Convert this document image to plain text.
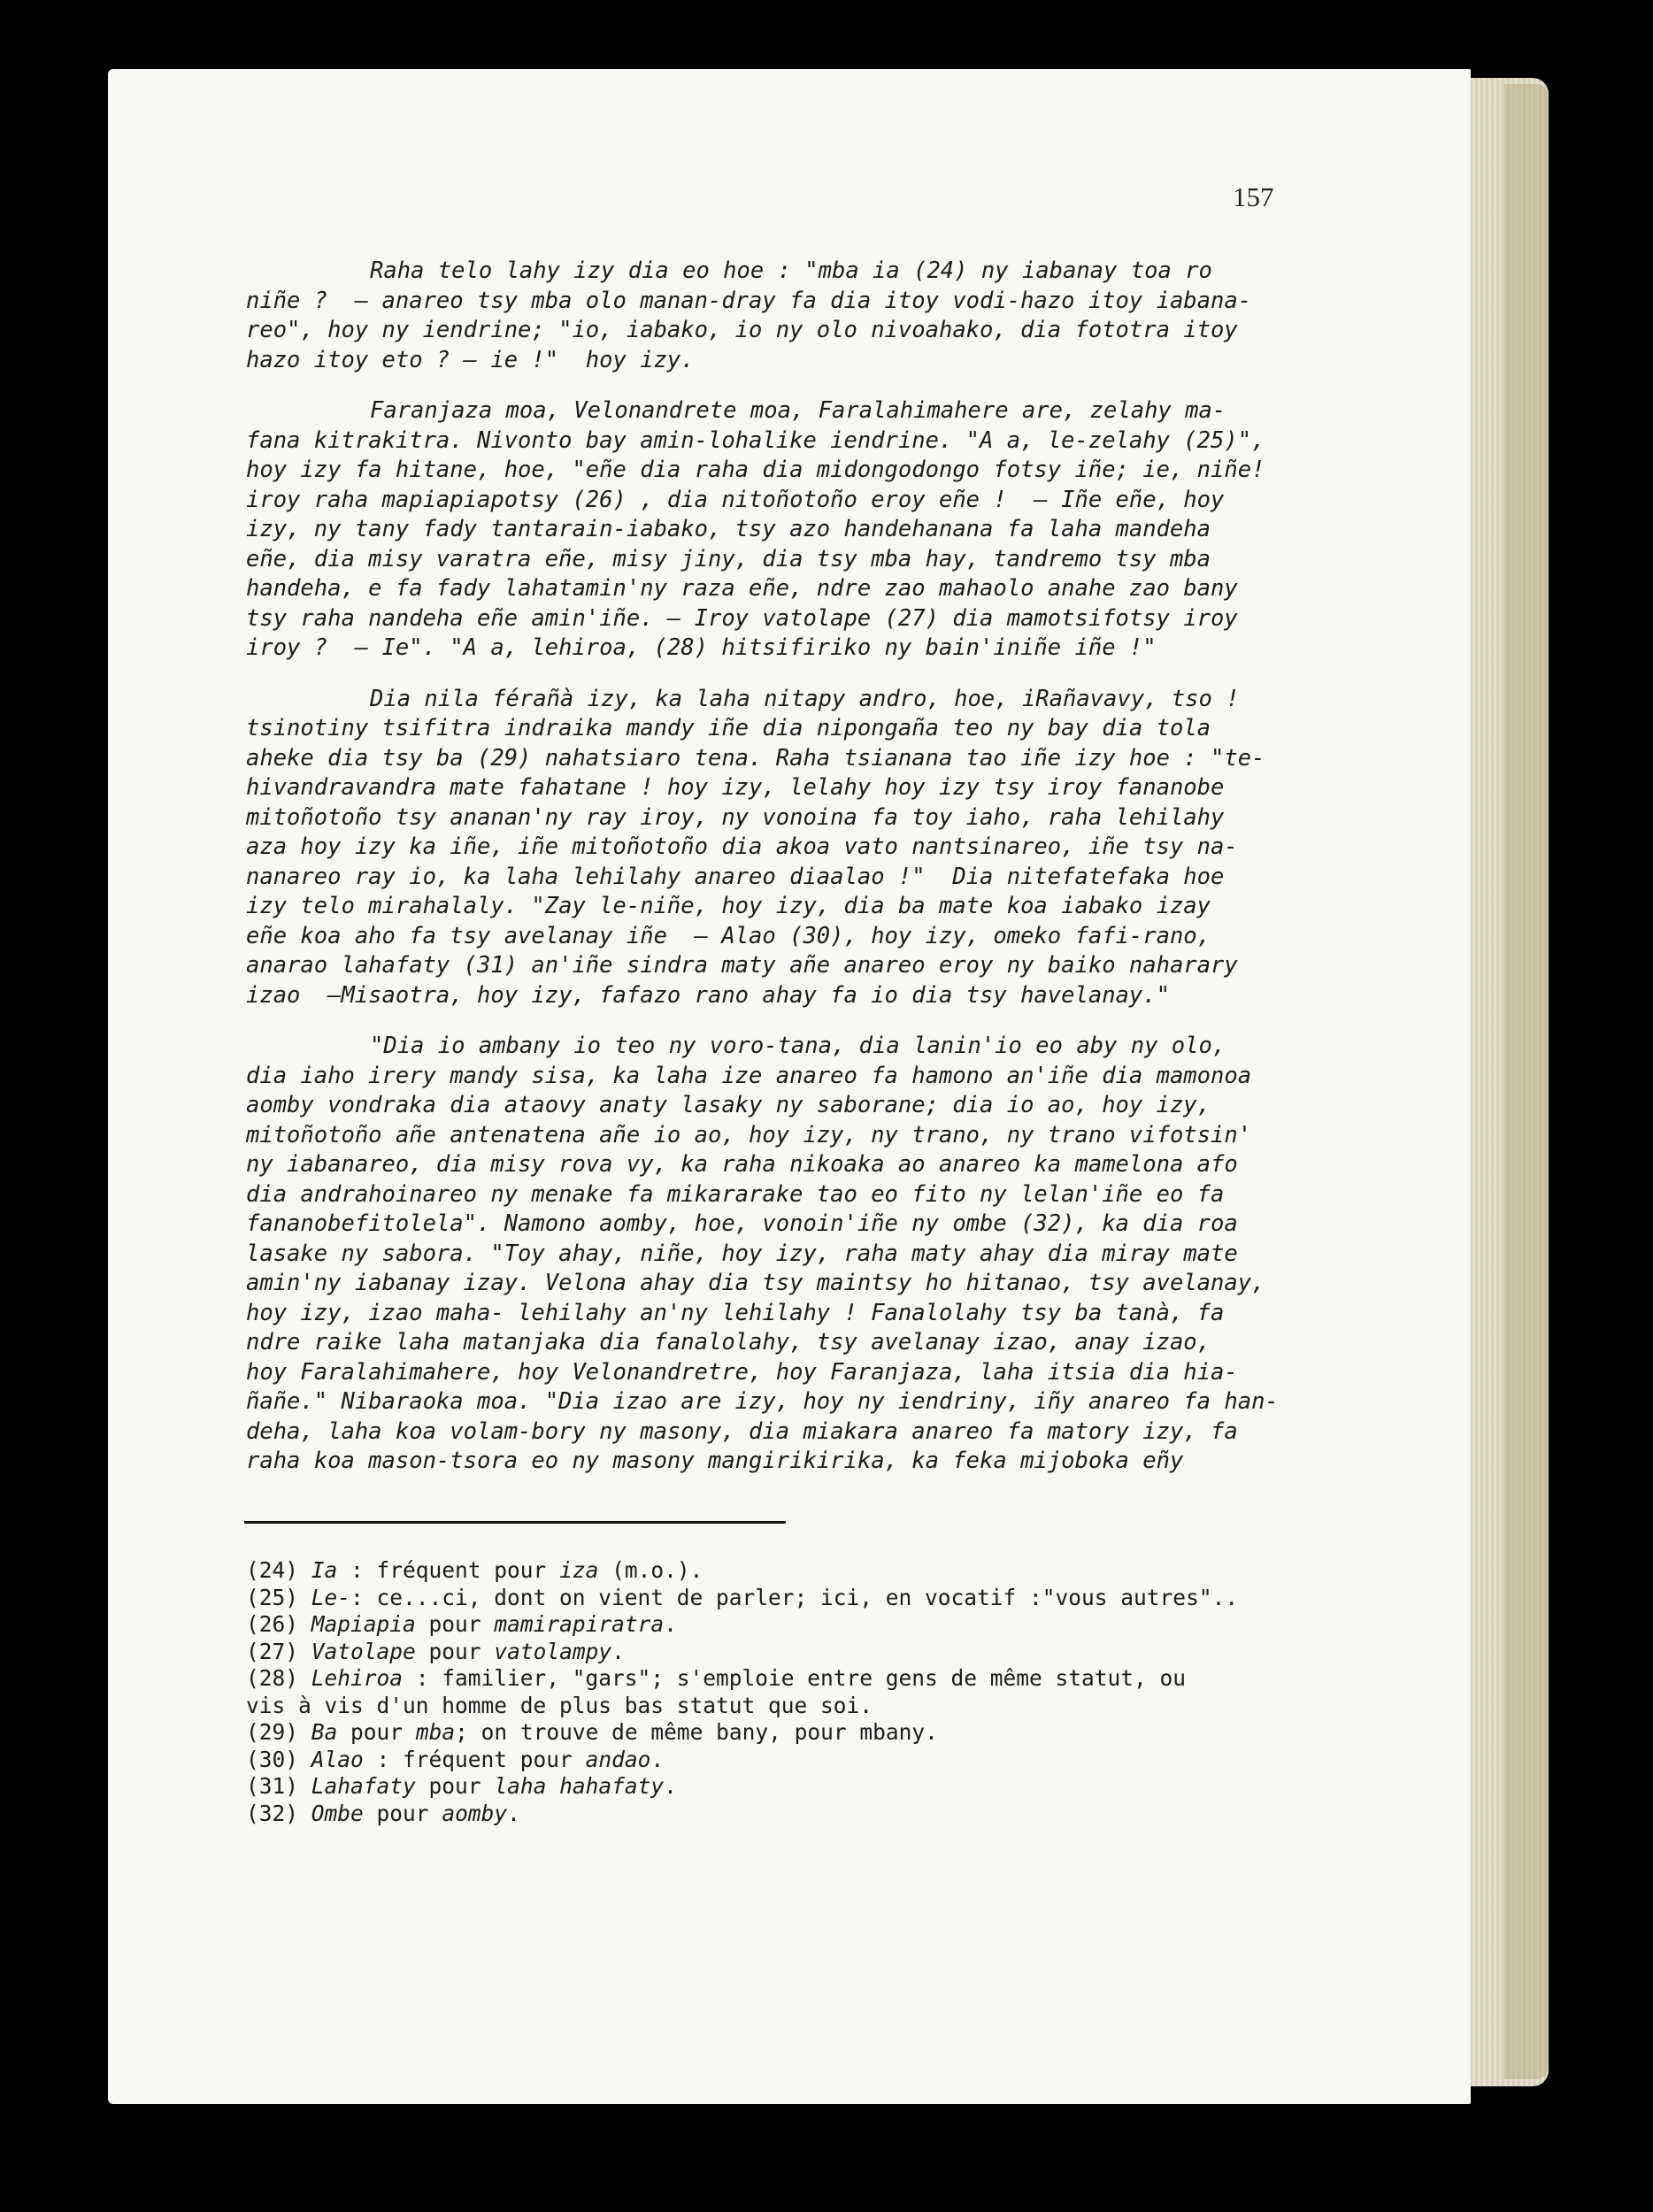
157
Raha telo lahy izy dia eo hoe : "mba ia (24) ny iabanay toa ro
niñe ?  — anareo tsy mba olo manan-dray fa dia itoy vodi-hazo itoy iabana-
reo", hoy ny iendrine; "io, iabako, io ny olo nivoahako, dia fototra itoy
hazo itoy eto ? — ie !"  hoy izy.
Faranjaza moa, Velonandrete moa, Faralahimahere are, zelahy ma-
fana kitrakitra. Nivonto bay amin-lohalike iendrine. "A a, le-zelahy (25)",
hoy izy fa hitane, hoe, "eñe dia raha dia midongodongo fotsy iñe; ie, niñe!
iroy raha mapiapiapotsy (26) , dia nitoñotoño eroy eñe !  — Iñe eñe, hoy
izy, ny tany fady tantarain-iabako, tsy azo handehanana fa laha mandeha
eñe, dia misy varatra eñe, misy jiny, dia tsy mba hay, tandremo tsy mba
handeha, e fa fady lahatamin'ny raza eñe, ndre zao mahaolo anahe zao bany
tsy raha nandeha eñe amin'iñe. — Iroy vatolape (27) dia mamotsifotsy iroy
iroy ?  — Ie". "A a, lehiroa, (28) hitsifiriko ny bain'iniñe iñe !"
Dia nila férañà izy, ka laha nitapy andro, hoe, iRañavavy, tso !
tsinotiny tsifitra indraika mandy iñe dia nipongaña teo ny bay dia tola
aheke dia tsy ba (29) nahatsiaro tena. Raha tsianana tao iñe izy hoe : "te-
hivandravandra mate fahatane ! hoy izy, lelahy hoy izy tsy iroy fananobe
mitoñotoño tsy ananan'ny ray iroy, ny vonoina fa toy iaho, raha lehilahy
aza hoy izy ka iñe, iñe mitoñotoño dia akoa vato nantsinareo, iñe tsy na-
nanareo ray io, ka laha lehilahy anareo diaalao !"  Dia nitefatefaka hoe
izy telo mirahalaly. "Zay le-niñe, hoy izy, dia ba mate koa iabako izay
eñe koa aho fa tsy avelanay iñe  — Alao (30), hoy izy, omeko fafi-rano,
anarao lahafaty (31) an'iñe sindra maty añe anareo eroy ny baiko naharary
izao  —Misaotra, hoy izy, fafazo rano ahay fa io dia tsy havelanay."
"Dia io ambany io teo ny voro-tana, dia lanin'io eo aby ny olo,
dia iaho irery mandy sisa, ka laha ize anareo fa hamono an'iñe dia mamonoa
aomby vondraka dia ataovy anaty lasaky ny saborane; dia io ao, hoy izy,
mitoñotoño añe antenatena añe io ao, hoy izy, ny trano, ny trano vifotsin'
ny iabanareo, dia misy rova vy, ka raha nikoaka ao anareo ka mamelona afo
dia andrahoinareo ny menake fa mikararake tao eo fito ny lelan'iñe eo fa
fananobefitolela". Namono aomby, hoe, vonoin'iñe ny ombe (32), ka dia roa
lasake ny sabora. "Toy ahay, niñe, hoy izy, raha maty ahay dia miray mate
amin'ny iabanay izay. Velona ahay dia tsy maintsy ho hitanao, tsy avelanay,
hoy izy, izao maha- lehilahy an'ny lehilahy ! Fanalolahy tsy ba tanà, fa
ndre raike laha matanjaka dia fanalolahy, tsy avelanay izao, anay izao,
hoy Faralahimahere, hoy Velonandretre, hoy Faranjaza, laha itsia dia hia-
ñañe." Nibaraoka moa. "Dia izao are izy, hoy ny iendriny, iñy anareo fa han-
deha, laha koa volam-bory ny masony, dia miakara anareo fa matory izy, fa
raha koa mason-tsora eo ny masony mangirikirika, ka feka mijoboka eñy
(24) Ia : fréquent pour iza (m.o.).
(25) Le-: ce...ci, dont on vient de parler; ici, en vocatif :"vous autres"..
(26) Mapiapia pour mamirapiratra.
(27) Vatolape pour vatolampy.
(28) Lehiroa : familier, "gars"; s'emploie entre gens de même statut, ou
vis à vis d'un homme de plus bas statut que soi.
(29) Ba pour mba; on trouve de même bany, pour mbany.
(30) Alao : fréquent pour andao.
(31) Lahafaty pour laha hahafaty.
(32) Ombe pour aomby.
